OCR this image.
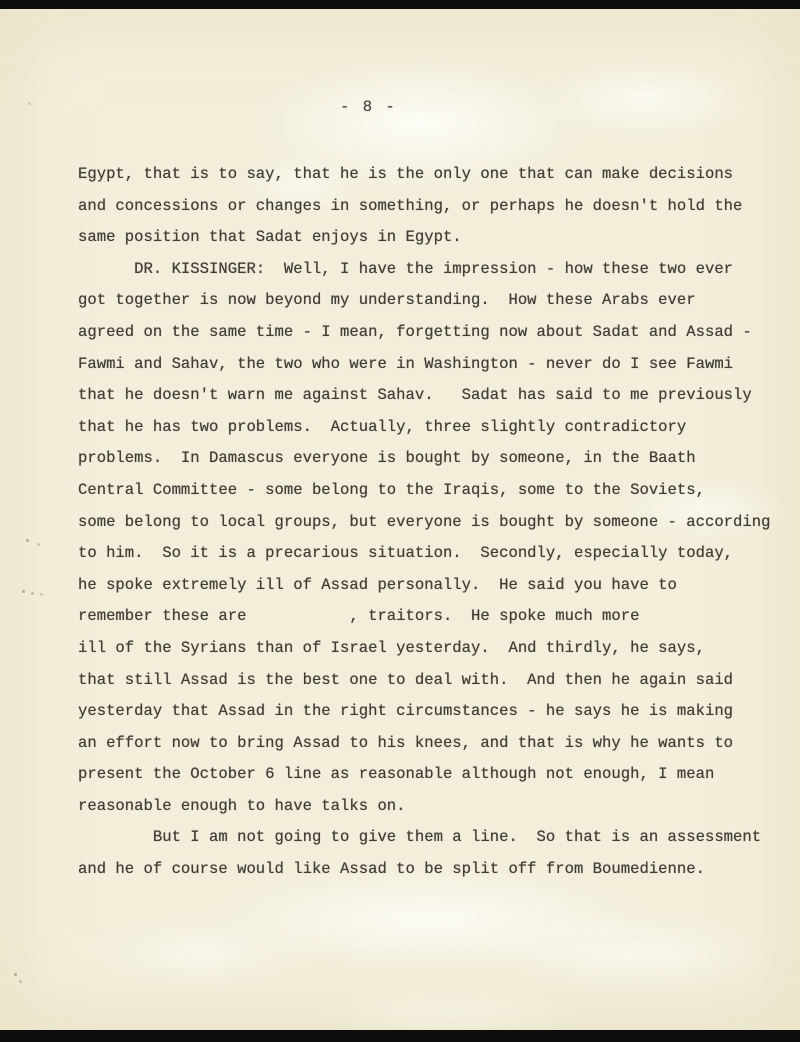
- 8 -
Egypt, that is to say, that he is the only one that can make decisions
and concessions or changes in something, or perhaps he doesn't hold the
same position that Sadat enjoys in Egypt.
DR. KISSINGER:  Well, I have the impression - how these two ever
got together is now beyond my understanding.  How these Arabs ever
agreed on the same time - I mean, forgetting now about Sadat and Assad -
Fawmi and Sahav, the two who were in Washington - never do I see Fawmi
that he doesn't warn me against Sahav.   Sadat has said to me previously
that he has two problems.  Actually, three slightly contradictory
problems.  In Damascus everyone is bought by someone, in the Baath
Central Committee - some belong to the Iraqis, some to the Soviets,
some belong to local groups, but everyone is bought by someone - according
to him.  So it is a precarious situation.  Secondly, especially today,
he spoke extremely ill of Assad personally.  He said you have to
remember these are           , traitors.  He spoke much more
ill of the Syrians than of Israel yesterday.  And thirdly, he says,
that still Assad is the best one to deal with.  And then he again said
yesterday that Assad in the right circumstances - he says he is making
an effort now to bring Assad to his knees, and that is why he wants to
present the October 6 line as reasonable although not enough, I mean
reasonable enough to have talks on.
But I am not going to give them a line.  So that is an assessment
and he of course would like Assad to be split off from Boumedienne.
